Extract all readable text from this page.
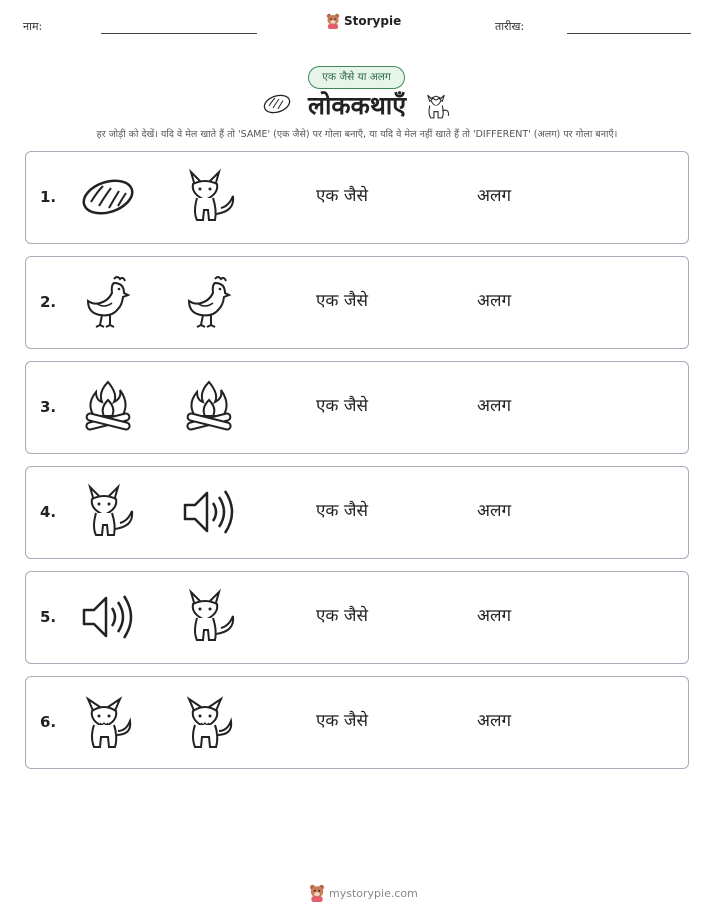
नाम:	Storypie	तारीख:
एक जैसे या अलग
लोककथाएँ
हर जोड़ी को देखें। यदि वे मेल खाते हैं तो 'SAME' (एक जैसे) पर गोला बनाएँ, या यदि वे मेल नहीं खाते हैं तो 'DIFFERENT' (अलग) पर गोला बनाएँ।
1.	एक जैसे	अलग
2.	एक जैसे	अलग
3.	एक जैसे	अलग
4.	एक जैसे	अलग
5.	एक जैसे	अलग
6.	एक जैसे	अलग
mystorypie.com
